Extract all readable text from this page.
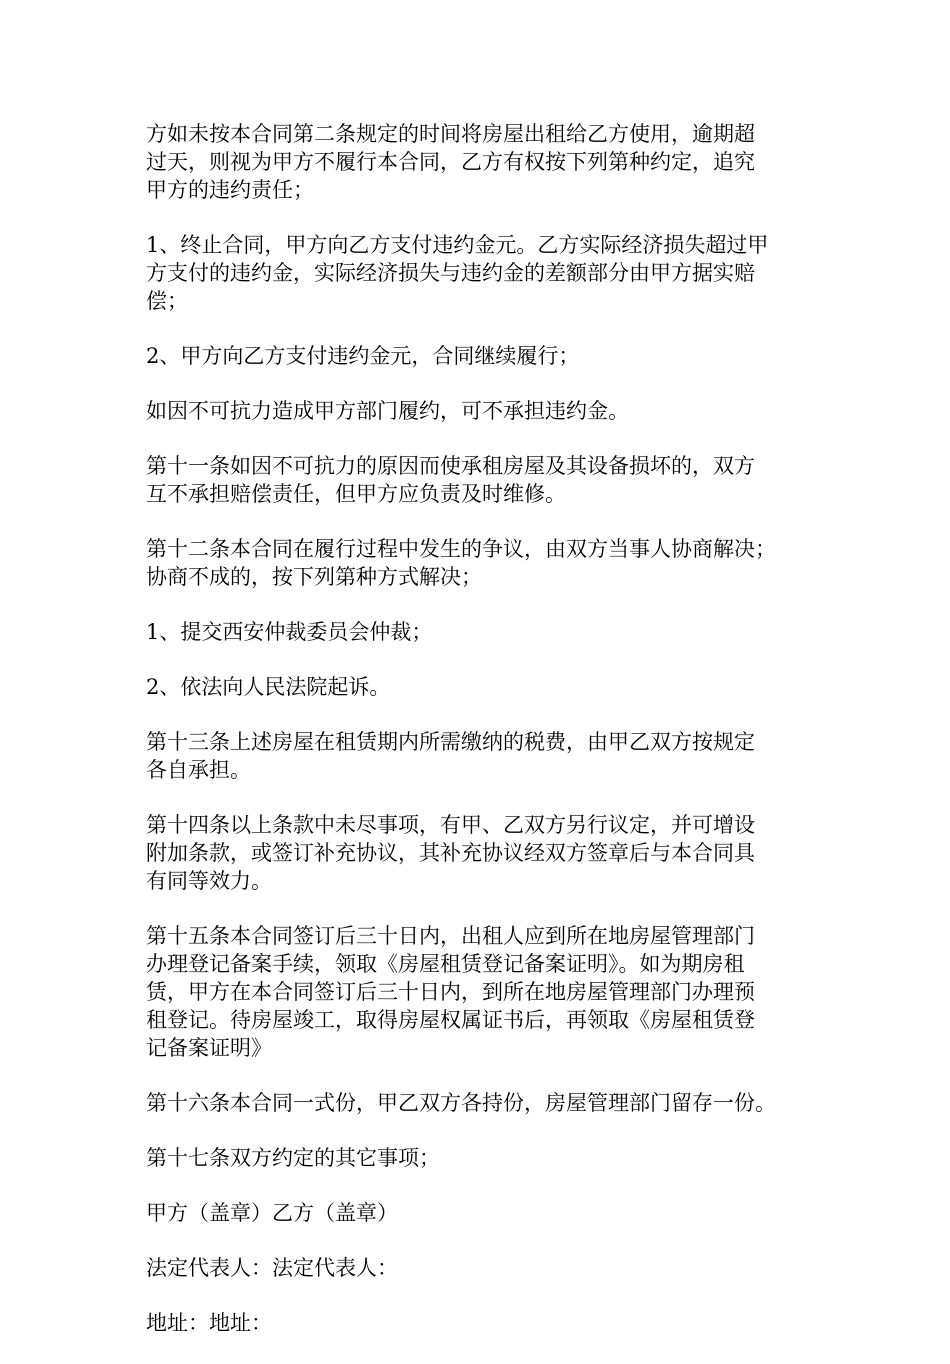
方如未按本合同第二条规定的时间将房屋出租给乙方使用，逾期超
过天，则视为甲方不履行本合同，乙方有权按下列第种约定，追究
甲方的违约责任；
1、终止合同，甲方向乙方支付违约金元。乙方实际经济损失超过甲
方支付的违约金，实际经济损失与违约金的差额部分由甲方据实赔
偿；
2、甲方向乙方支付违约金元，合同继续履行；
如因不可抗力造成甲方部门履约，可不承担违约金。
第十一条如因不可抗力的原因而使承租房屋及其设备损坏的，双方
互不承担赔偿责任，但甲方应负责及时维修。
第十二条本合同在履行过程中发生的争议，由双方当事人协商解决；
协商不成的，按下列第种方式解决；
1、提交西安仲裁委员会仲裁；
2、依法向人民法院起诉。
第十三条上述房屋在租赁期内所需缴纳的税费，由甲乙双方按规定
各自承担。
第十四条以上条款中未尽事项，有甲、乙双方另行议定，并可增设
附加条款，或签订补充协议，其补充协议经双方签章后与本合同具
有同等效力。
第十五条本合同签订后三十日内，出租人应到所在地房屋管理部门
办理登记备案手续，领取《房屋租赁登记备案证明》。如为期房租
赁，甲方在本合同签订后三十日内，到所在地房屋管理部门办理预
租登记。待房屋竣工，取得房屋权属证书后，再领取《房屋租赁登
记备案证明》
第十六条本合同一式份，甲乙双方各持份，房屋管理部门留存一份。
第十七条双方约定的其它事项；
甲方（盖章）乙方（盖章）
法定代表人：法定代表人：
地址：地址：
